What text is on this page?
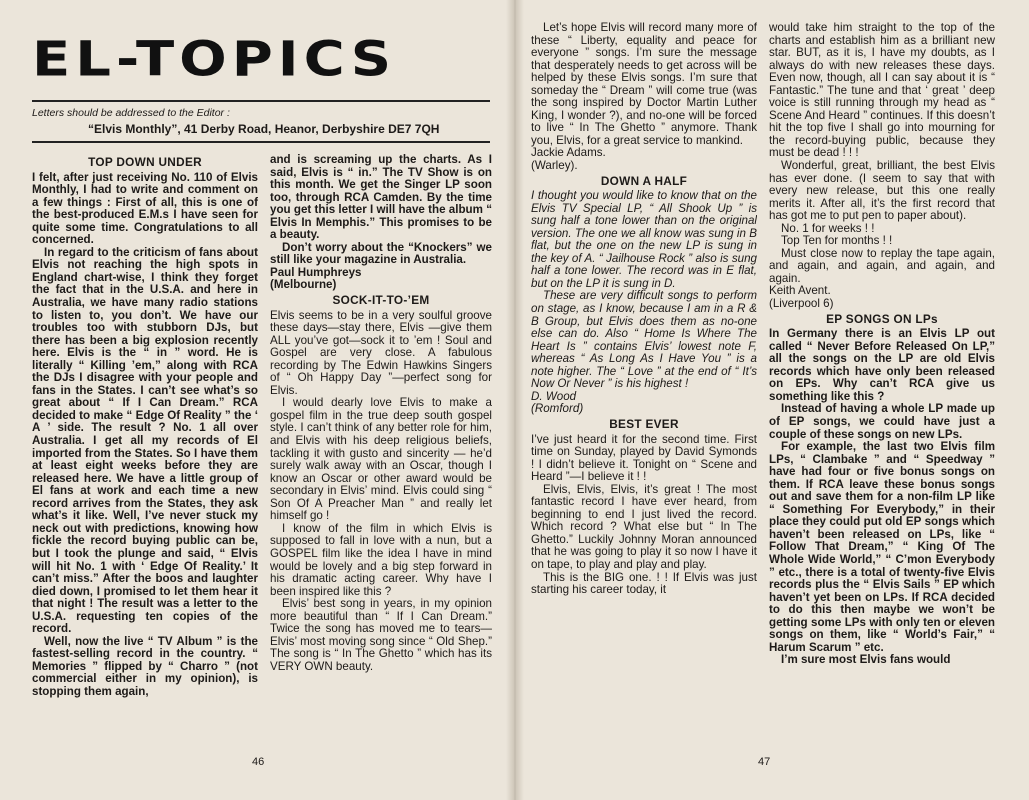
EL-TOPICS
Letters should be addressed to the Editor :
“Elvis Monthly”, 41 Derby Road, Heanor, Derbyshire DE7 7QH
TOP DOWN UNDER

I felt, after just receiving No. 110 of Elvis Monthly, I had to write and comment on a few things : First of all, this is one of the best-produced E.M.s I have seen for quite some time. Congratulations to all concerned.

In regard to the criticism of fans about Elvis not reaching the high spots in England chart-wise, I think they forget the fact that in the U.S.A. and here in Australia, we have many radio stations to listen to, you don’t. We have our troubles too with stubborn DJs, but there has been a big explosion recently here. Elvis is the “ in ” word. He is literally “ Killing ’em,” along with RCA the DJs I disagree with your people and fans in the States. I can’t see what’s so great about “ If I Can Dream.” RCA decided to make “ Edge Of Reality ” the ‘ A ’ side. The result ? No. 1 all over Australia. I get all my records of El imported from the States. So I have them at least eight weeks before they are released here. We have a little group of El fans at work and each time a new record arrives from the States, they ask what’s it like. Well, I’ve never stuck my neck out with predictions, knowing how fickle the record buying public can be, but I took the plunge and said, “ Elvis will hit No. 1 with ‘ Edge Of Reality.’ It can’t miss.” After the boos and laughter died down, I promised to let them hear it that night ! The result was a letter to the U.S.A. requesting ten copies of the record.

Well, now the live “ TV Album ” is the fastest-selling record in the country. “ Memories ” flipped by “ Charro ” (not commercial either in my opinion), is stopping them again,

and is screaming up the charts. As I said, Elvis is “ in.” The TV Show is on this month. We get the Singer LP soon too, through RCA Camden. By the time you get this letter I will have the album “ Elvis In Memphis.” This promises to be a beauty.

Don’t worry about the “Knockers” we still like your magazine in Australia.

Paul Humphreys

(Melbourne)

SOCK-IT-TO-’EM

Elvis seems to be in a very soulful groove these days—stay there, Elvis —give them ALL you’ve got—sock it to ’em ! Soul and Gospel are very close. A fabulous recording by The Edwin Hawkins Singers of “ Oh Happy Day ”—perfect song for Elvis.

I would dearly love Elvis to make a gospel film in the true deep south gospel style. I can’t think of any better role for him, and Elvis with his deep religious beliefs, tackling it with gusto and sincerity — he’d surely walk away with an Oscar, though I know an Oscar or other award would be secondary in Elvis’ mind. Elvis could sing “ Son Of A Preacher Man ” and really let himself go !

I know of the film in which Elvis is supposed to fall in love with a nun, but a GOSPEL film like the idea I have in mind would be lovely and a big step forward in his dramatic acting career. Why have I been inspired like this ?

Elvis’ best song in years, in my opinion more beautiful than “ If I Can Dream.” Twice the song has moved me to tears—Elvis’ most moving song since “ Old Shep.” The song is “ In The Ghetto ” which has its VERY OWN beauty.

46

Let’s hope Elvis will record many more of these “ Liberty, equality and peace for everyone ” songs. I’m sure the message that desperately needs to get across will be helped by these Elvis songs. I’m sure that someday the “ Dream ” will come true (was the song inspired by Doctor Martin Luther King, I wonder ?), and no-one will be forced to live “ In The Ghetto ” anymore. Thank you, Elvis, for a great service to mankind.

Jackie Adams.

(Warley).

DOWN A HALF

I thought you would like to know that on the Elvis TV Special LP, “ All Shook Up ” is sung half a tone lower than on the original version. The one we all know was sung in B flat, but the one on the new LP is sung in the key of A. “ Jailhouse Rock ” also is sung half a tone lower. The record was in E flat, but on the LP it is sung in D.

These are very difficult songs to perform on stage, as I know, because I am in a R & B Group, but Elvis does them as no-one else can do. Also “ Home Is Where The Heart Is ” contains Elvis’ lowest note F, whereas “ As Long As I Have You ” is a note higher. The “ Love ” at the end of “ It’s Now Or Never ” is his highest !

D. Wood

(Romford)

BEST EVER

I’ve just heard it for the second time. First time on Sunday, played by David Symonds ! I didn’t believe it. Tonight on “ Scene and Heard ”—I believe it ! !

Elvis, Elvis, Elvis, it’s great ! The most fantastic record I have ever heard, from beginning to end I just lived the record. Which record ? What else but “ In The Ghetto.” Luckily Johnny Moran announced that he was going to play it so now I have it on tape, to play and play and play.

This is the BIG one. ! ! If Elvis was just starting his career today, it

would take him straight to the top of the charts and establish him as a brilliant new star. BUT, as it is, I have my doubts, as I always do with new releases these days. Even now, though, all I can say about it is “ Fantastic.” The tune and that ‘ great ’ deep voice is still running through my head as “ Scene And Heard ” continues. If this doesn’t hit the top five I shall go into mourning for the record-buying public, because they must be dead ! ! !

Wonderful, great, brilliant, the best Elvis has ever done. (I seem to say that with every new release, but this one really merits it. After all, it’s the first record that has got me to put pen to paper about).

No. 1 for weeks ! !

Top Ten for months ! !

Must close now to replay the tape again, and again, and again, and again, and again.

Keith Avent.

(Liverpool 6)

EP SONGS ON LPs

In Germany there is an Elvis LP out called “ Never Before Released On LP,” all the songs on the LP are old Elvis records which have only been released on EPs. Why can’t RCA give us something like this ?

Instead of having a whole LP made up of EP songs, we could have just a couple of these songs on new LPs.

For example, the last two Elvis film LPs, “ Clambake ” and “ Speedway ” have had four or five bonus songs on them. If RCA leave these bonus songs out and save them for a non-film LP like “ Something For Everybody,” in their place they could put old EP songs which haven’t been released on LPs, like “ Follow That Dream,” “ King Of The Whole Wide World,” “ C’mon Everybody ” etc., there is a total of twenty-five Elvis records plus the “ Elvis Sails ” EP which haven’t yet been on LPs. If RCA decided to do this then maybe we won’t be getting some LPs with only ten or eleven songs on them, like “ World’s Fair,” “ Harum Scarum ” etc.

I’m sure most Elvis fans would

47
